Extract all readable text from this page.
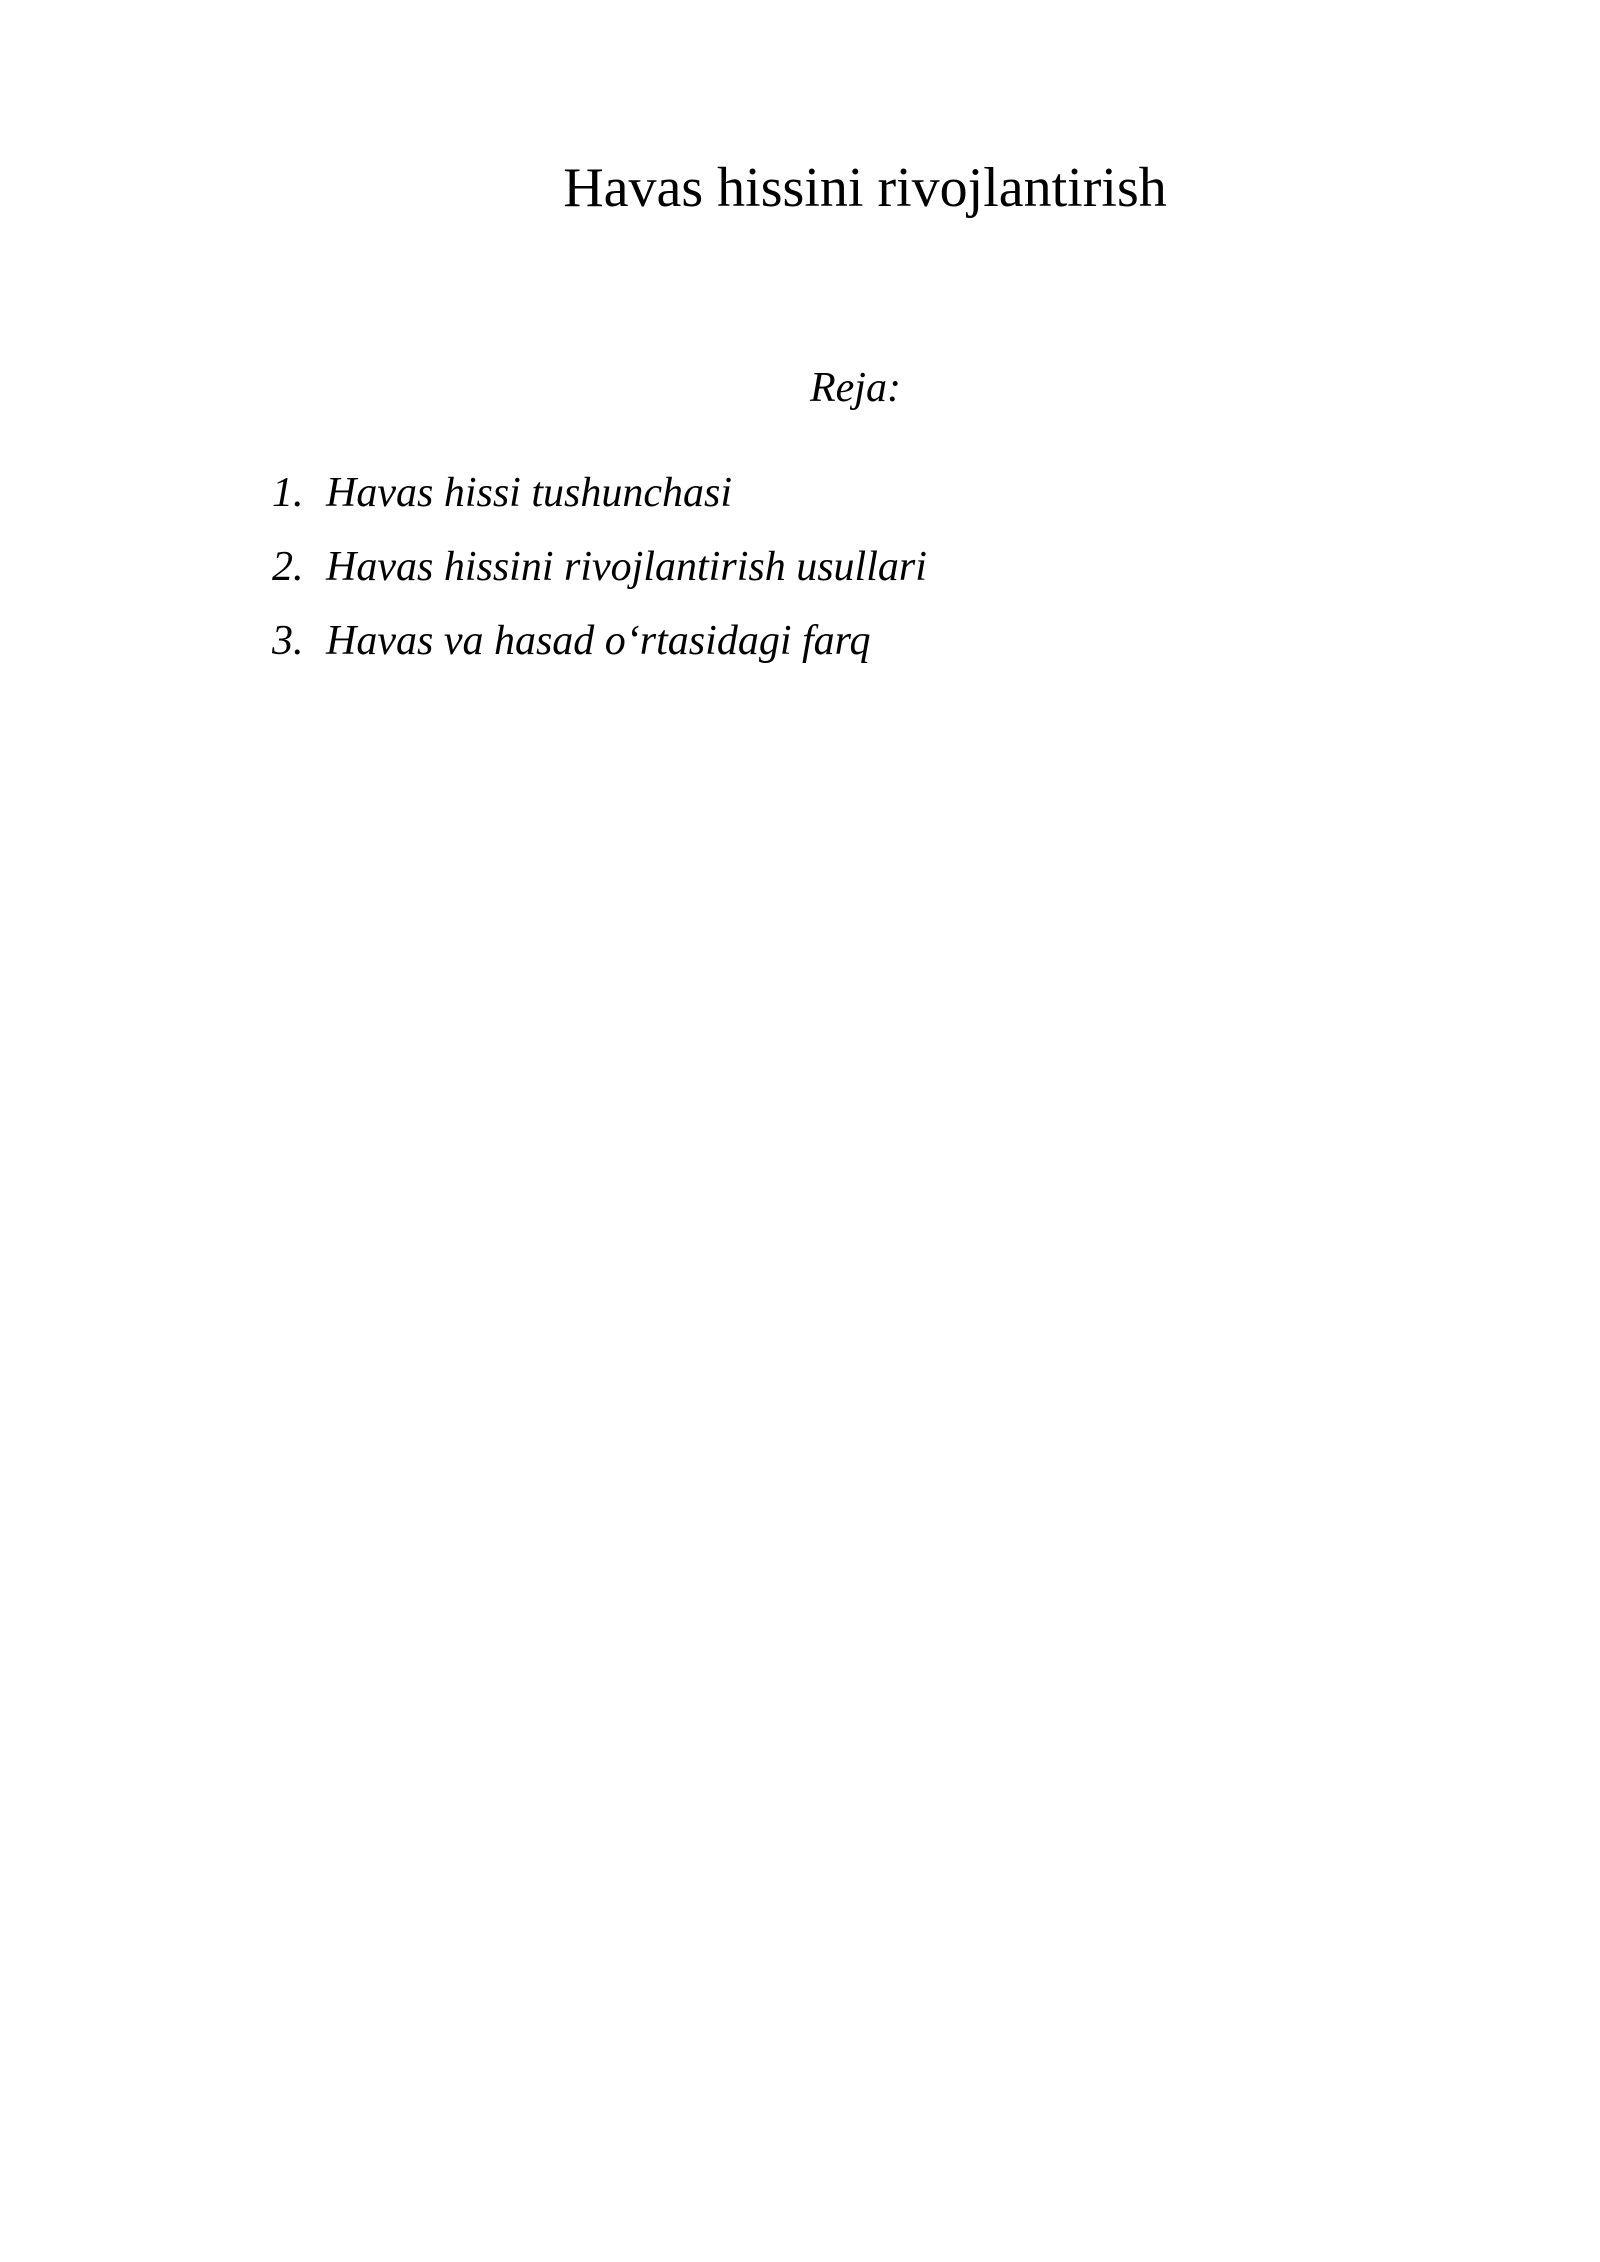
Havas hissini rivojlantirish

Reja:

1. Havas hissi tushunchasi
2. Havas hissini rivojlantirish usullari
3. Havas va hasad o‘rtasidagi farq
